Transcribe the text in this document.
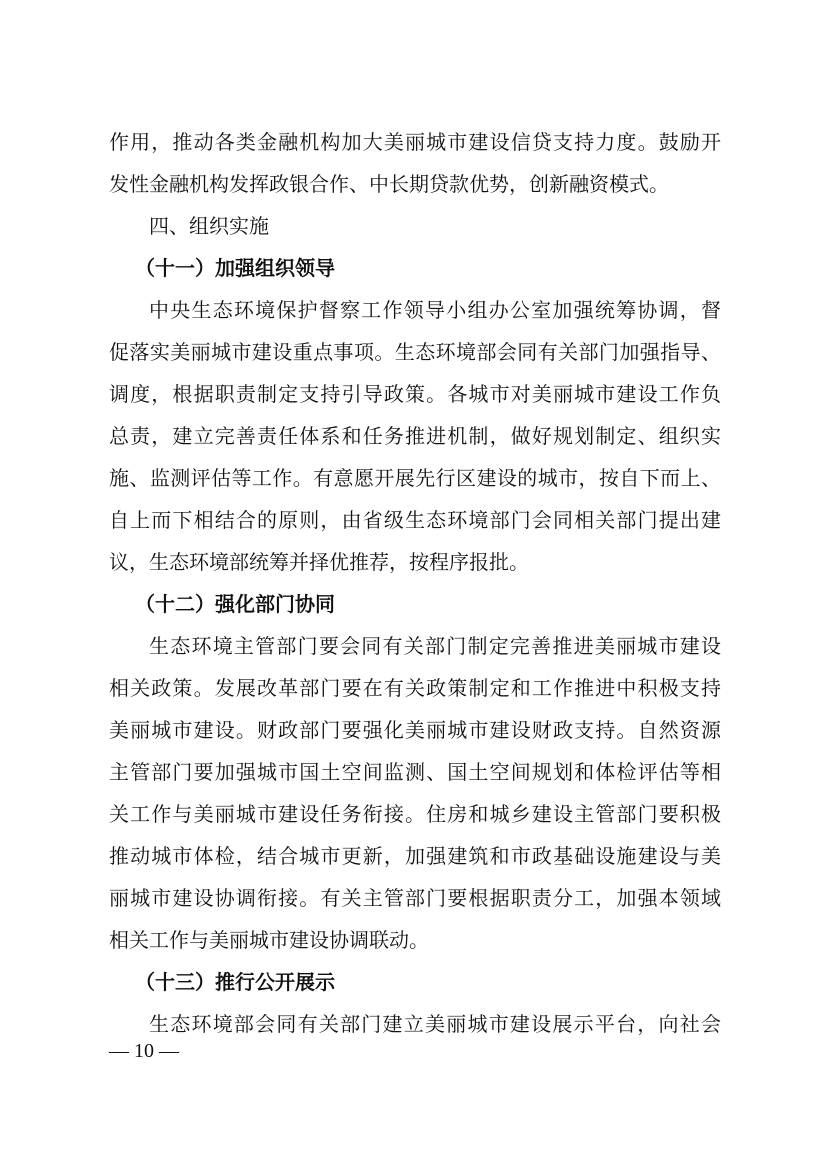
作用，推动各类金融机构加大美丽城市建设信贷支持力度。鼓励开
发性金融机构发挥政银合作、中长期贷款优势，创新融资模式。
四、组织实施
（十一）加强组织领导
中央生态环境保护督察工作领导小组办公室加强统筹协调，督
促落实美丽城市建设重点事项。生态环境部会同有关部门加强指导、
调度，根据职责制定支持引导政策。各城市对美丽城市建设工作负
总责，建立完善责任体系和任务推进机制，做好规划制定、组织实
施、监测评估等工作。有意愿开展先行区建设的城市，按自下而上、
自上而下相结合的原则，由省级生态环境部门会同相关部门提出建
议，生态环境部统筹并择优推荐，按程序报批。
（十二）强化部门协同
生态环境主管部门要会同有关部门制定完善推进美丽城市建设
相关政策。发展改革部门要在有关政策制定和工作推进中积极支持
美丽城市建设。财政部门要强化美丽城市建设财政支持。自然资源
主管部门要加强城市国土空间监测、国土空间规划和体检评估等相
关工作与美丽城市建设任务衔接。住房和城乡建设主管部门要积极
推动城市体检，结合城市更新，加强建筑和市政基础设施建设与美
丽城市建设协调衔接。有关主管部门要根据职责分工，加强本领域
相关工作与美丽城市建设协调联动。
（十三）推行公开展示
生态环境部会同有关部门建立美丽城市建设展示平台，向社会
— 10 —
